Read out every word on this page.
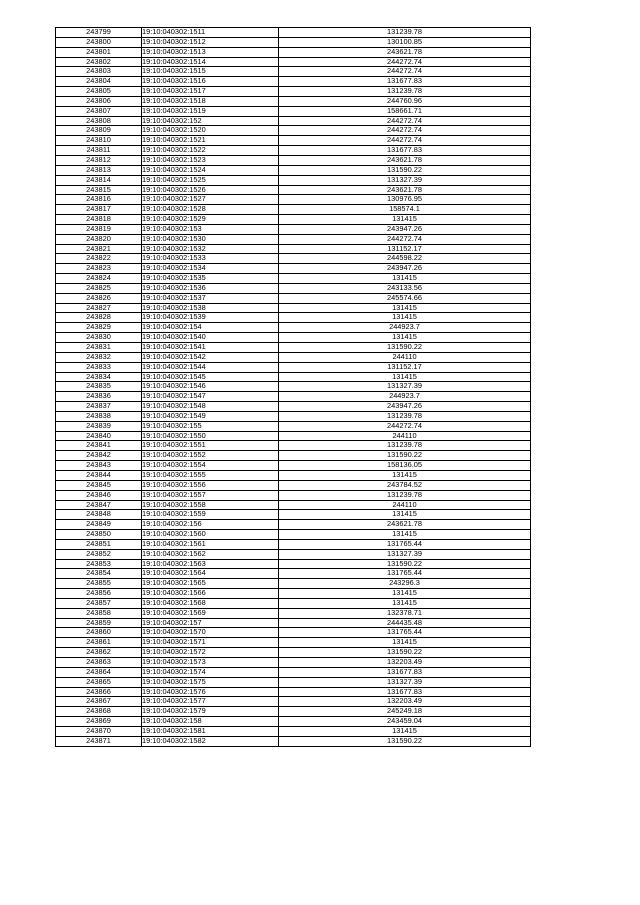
243799	19:10:040302:1511	131239.78
243800	19:10:040302:1512	130100.85
243801	19:10:040302:1513	243621.78
243802	19:10:040302:1514	244272.74
243803	19:10:040302:1515	244272.74
243804	19:10:040302:1516	131677.83
243805	19:10:040302:1517	131239.78
243806	19:10:040302:1518	244760.96
243807	19:10:040302:1519	158661.71
243808	19:10:040302:152	244272.74
243809	19:10:040302:1520	244272.74
243810	19:10:040302:1521	244272.74
243811	19:10:040302:1522	131677.83
243812	19:10:040302:1523	243621.78
243813	19:10:040302:1524	131590.22
243814	19:10:040302:1525	131327.39
243815	19:10:040302:1526	243621.78
243816	19:10:040302:1527	130976.95
243817	19:10:040302:1528	158574.1
243818	19:10:040302:1529	131415
243819	19:10:040302:153	243947.26
243820	19:10:040302:1530	244272.74
243821	19:10:040302:1532	131152.17
243822	19:10:040302:1533	244598.22
243823	19:10:040302:1534	243947.26
243824	19:10:040302:1535	131415
243825	19:10:040302:1536	243133.56
243826	19:10:040302:1537	245574.66
243827	19:10:040302:1538	131415
243828	19:10:040302:1539	131415
243829	19:10:040302:154	244923.7
243830	19:10:040302:1540	131415
243831	19:10:040302:1541	131590.22
243832	19:10:040302:1542	244110
243833	19:10:040302:1544	131152.17
243834	19:10:040302:1545	131415
243835	19:10:040302:1546	131327.39
243836	19:10:040302:1547	244923.7
243837	19:10:040302:1548	243947.26
243838	19:10:040302:1549	131239.78
243839	19:10:040302:155	244272.74
243840	19:10:040302:1550	244110
243841	19:10:040302:1551	131239.78
243842	19:10:040302:1552	131590.22
243843	19:10:040302:1554	158136.05
243844	19:10:040302:1555	131415
243845	19:10:040302:1556	243784.52
243846	19:10:040302:1557	131239.78
243847	19:10:040302:1558	244110
243848	19:10:040302:1559	131415
243849	19:10:040302:156	243621.78
243850	19:10:040302:1560	131415
243851	19:10:040302:1561	131765.44
243852	19:10:040302:1562	131327.39
243853	19:10:040302:1563	131590.22
243854	19:10:040302:1564	131765.44
243855	19:10:040302:1565	243296.3
243856	19:10:040302:1566	131415
243857	19:10:040302:1568	131415
243858	19:10:040302:1569	132378.71
243859	19:10:040302:157	244435.48
243860	19:10:040302:1570	131765.44
243861	19:10:040302:1571	131415
243862	19:10:040302:1572	131590.22
243863	19:10:040302:1573	132203.49
243864	19:10:040302:1574	131677.83
243865	19:10:040302:1575	131327.39
243866	19:10:040302:1576	131677.83
243867	19:10:040302:1577	132203.49
243868	19:10:040302:1579	245249.18
243869	19:10:040302:158	243459.04
243870	19:10:040302:1581	131415
243871	19:10:040302:1582	131590.22
